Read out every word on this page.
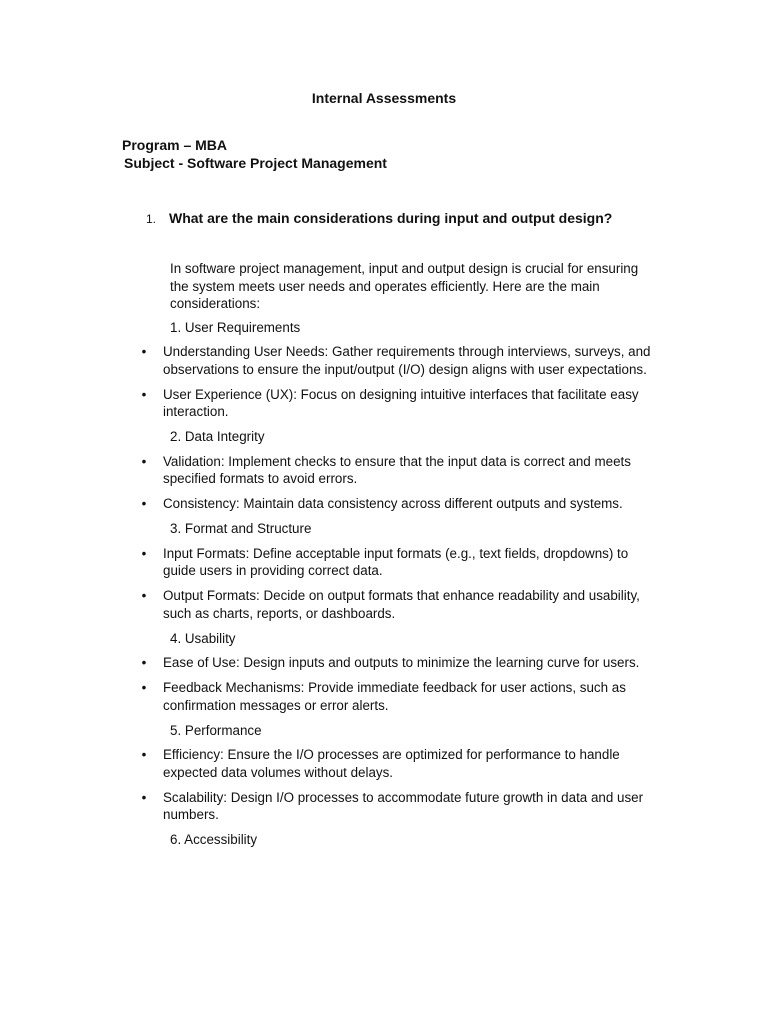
Internal Assessments
Program – MBA
Subject - Software Project Management
1. What are the main considerations during input and output design?

In software project management, input and output design is crucial for ensuring the system meets user needs and operates efficiently. Here are the main considerations:

1. User Requirements

• Understanding User Needs: Gather requirements through interviews, surveys, and observations to ensure the input/output (I/O) design aligns with user expectations.
• User Experience (UX): Focus on designing intuitive interfaces that facilitate easy interaction.

2. Data Integrity

• Validation: Implement checks to ensure that the input data is correct and meets specified formats to avoid errors.
• Consistency: Maintain data consistency across different outputs and systems.

3. Format and Structure

• Input Formats: Define acceptable input formats (e.g., text fields, dropdowns) to guide users in providing correct data.
• Output Formats: Decide on output formats that enhance readability and usability, such as charts, reports, or dashboards.

4. Usability

• Ease of Use: Design inputs and outputs to minimize the learning curve for users.
• Feedback Mechanisms: Provide immediate feedback for user actions, such as confirmation messages or error alerts.

5. Performance

• Efficiency: Ensure the I/O processes are optimized for performance to handle expected data volumes without delays.
• Scalability: Design I/O processes to accommodate future growth in data and user numbers.

6. Accessibility
